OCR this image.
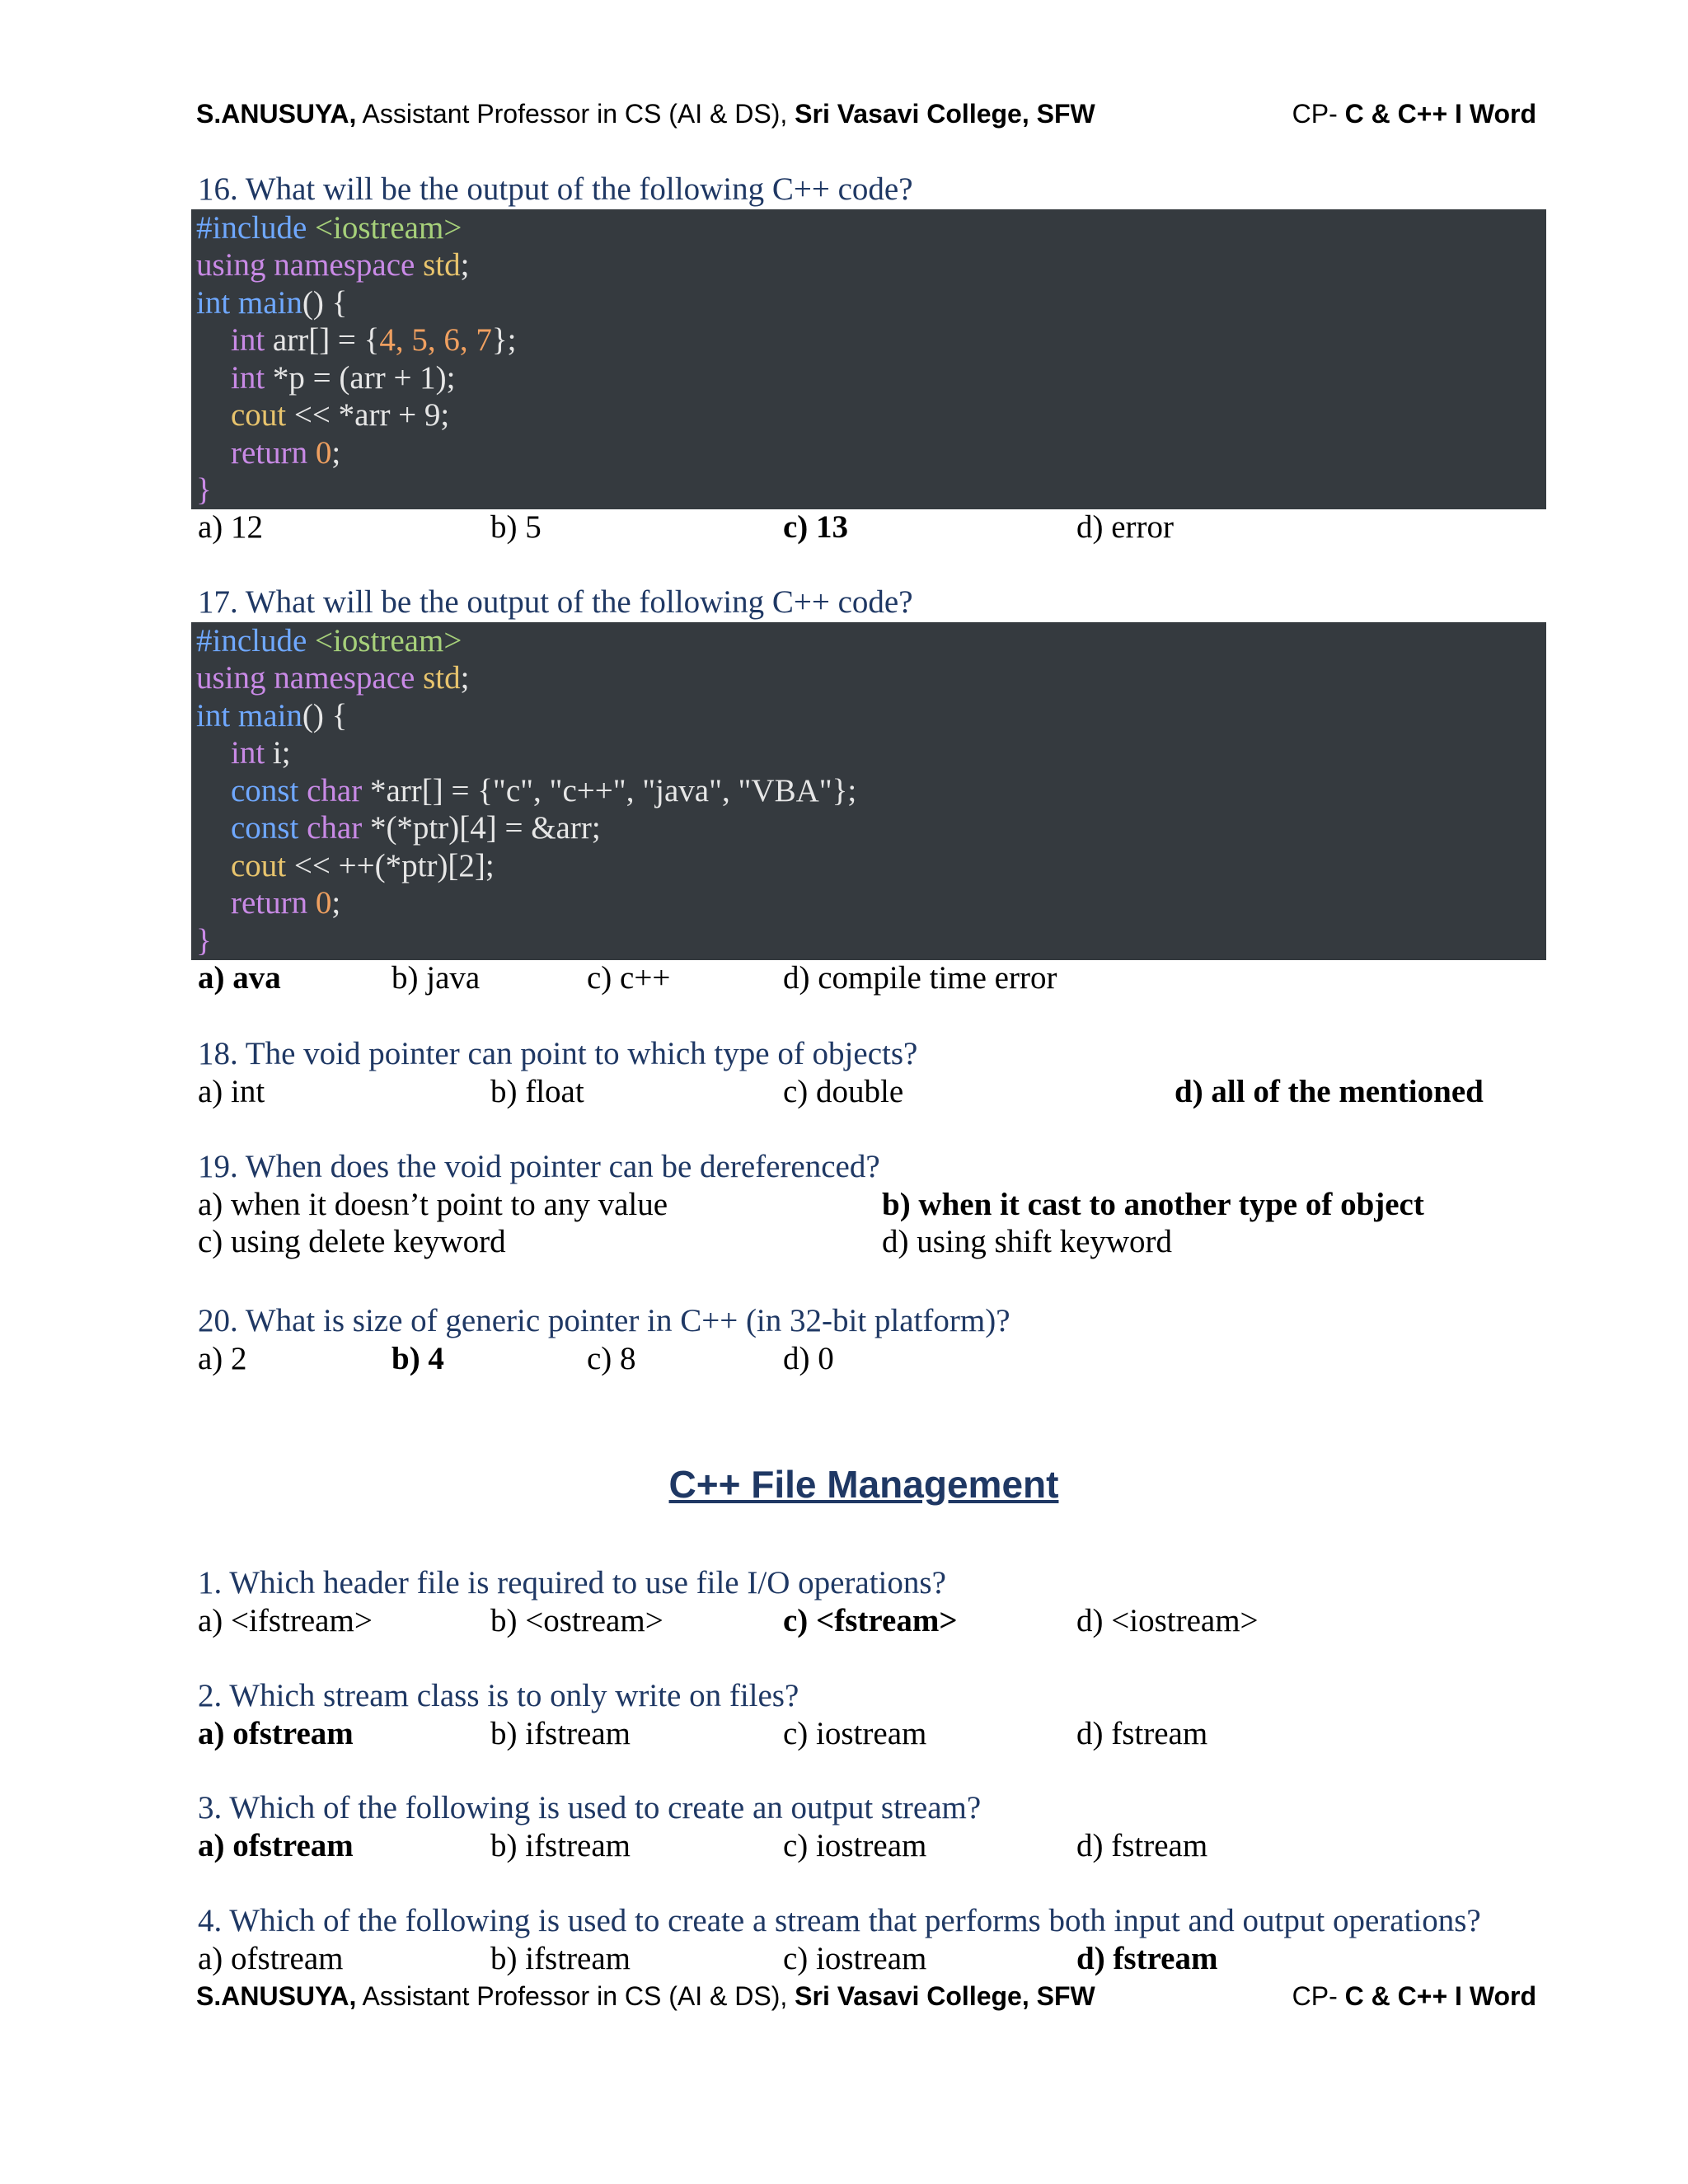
S.ANUSUYA, Assistant Professor in CS (AI & DS), Sri Vasavi College, SFW

	CP- C & C++ I Word

16. What will be the output of the following C++ code?
#include <iostream>
using namespace std;
int main() {
int arr[] = {4, 5, 6, 7};
int *p = (arr + 1);
cout << *arr + 9;
return 0;
}
a) 12	b) 5	c) 13	d) error
17. What will be the output of the following C++ code?
#include <iostream>
using namespace std;
int main() {
int i;
const char *arr[] = {"c", "c++", "java", "VBA"};
const char *(*ptr)[4] = &arr;
cout << ++(*ptr)[2];
return 0;
}
a) ava	b) java	c) c++	d) compile time error
18. The void pointer can point to which type of objects?
a) int	b) float	c) double	d) all of the mentioned
19. When does the void pointer can be dereferenced?
a) when it doesn’t point to any value	b) when it cast to another type of object
c) using delete keyword	d) using shift keyword
20. What is size of generic pointer in C++ (in 32-bit platform)?
a) 2	b) 4	c) 8	d) 0
C++ File Management
1. Which header file is required to use file I/O operations?
a) <ifstream>	b) <ostream>	c) <fstream>	d) <iostream>
2. Which stream class is to only write on files?
a) ofstream	b) ifstream	c) iostream	d) fstream
3. Which of the following is used to create an output stream?
a) ofstream	b) ifstream	c) iostream	d) fstream
4. Which of the following is used to create a stream that performs both input and output operations?
a) ofstream	b) ifstream	c) iostream	d) fstream

S.ANUSUYA, Assistant Professor in CS (AI & DS), Sri Vasavi College, SFW

	CP- C & C++ I Word
